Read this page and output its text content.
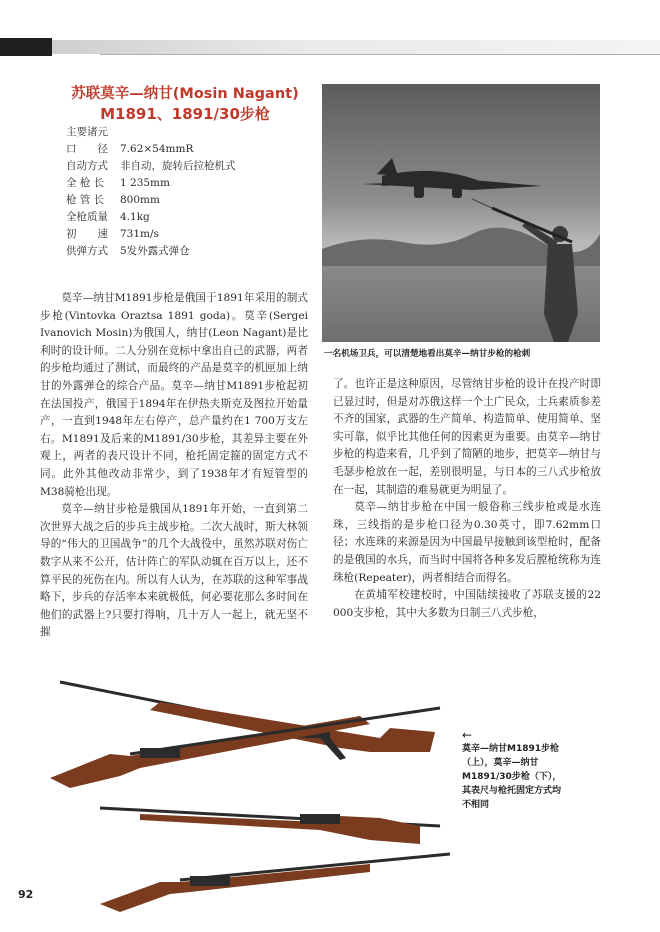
苏联莫辛—纳甘(Mosin Nagant)
M1891、1891/30步枪
主要诸元
口　　径	7.62×54mmR
自动方式	非自动，旋转后拉枪机式
全 枪 长	1 235mm
枪 管 长	800mm
全枪质量	4.1kg
初　　速	731m/s
供弹方式	5发外露式弹仓
一名机场卫兵，可以清楚地看出莫辛—纳甘步枪的枪刺

莫辛—纳甘M1891步枪是俄国于1891年采用的制式步枪(Vintovka Oraztsa 1891 goda)。莫辛(Sergei Ivanovich Mosin)为俄国人，纳甘(Leon Nagant)是比利时的设计师。二人分别在竞标中拿出自己的武器，两者的步枪均通过了测试，而最终的产品是莫辛的机匣加上纳甘的外露弹仓的综合产品。莫辛—纳甘M1891步枪起初在法国投产，俄国于1894年在伊热夫斯克及图拉开始量产，一直到1948年左右停产，总产量约在1 700万支左右。M1891及后来的M1891/30步枪，其差异主要在外观上，两者的表尺设计不同，枪托固定箍的固定方式不同。此外其他改动非常少，到了1938年才有短管型的M38骑枪出现。

莫辛—纳甘步枪是俄国从1891年开始，一直到第二次世界大战之后的步兵主战步枪。二次大战时，斯大林领导的“伟大的卫国战争”的几个大战役中，虽然苏联对伤亡数字从来不公开，估计阵亡的军队动辄在百万以上，还不算平民的死伤在内。所以有人认为，在苏联的这种军事战略下，步兵的存活率本来就极低，何必要花那么多时间在他们的武器上?只要打得响，几十万人一起上，就无坚不摧

了。也许正是这种原因，尽管纳甘步枪的设计在投产时即已显过时，但是对苏俄这样一个土广民众，士兵素质参差不齐的国家，武器的生产简单、构造简单、使用简单、坚实可靠，似乎比其他任何的因素更为重要。由莫辛—纳甘步枪的构造来看，几乎到了简陋的地步，把莫辛—纳甘与毛瑟步枪放在一起，差别很明显，与日本的三八式步枪放在一起，其制造的难易就更为明显了。

莫辛—纳甘步枪在中国一般俗称三线步枪或是水连珠，三线指的是步枪口径为0.30英寸，即7.62mm口径；水连珠的来源是因为中国最早接触到该型枪时，配备的是俄国的水兵，而当时中国将各种多发后膛枪统称为连珠枪(Repeater)，两者相结合而得名。

在黄埔军校建校时，中国陆续接收了苏联支援的22 000支步枪，其中大多数为日制三八式步枪，

←
莫辛—纳甘M1891步枪（上），莫辛—纳甘M1891/30步枪（下），其表尺与枪托固定方式均不相同
92
